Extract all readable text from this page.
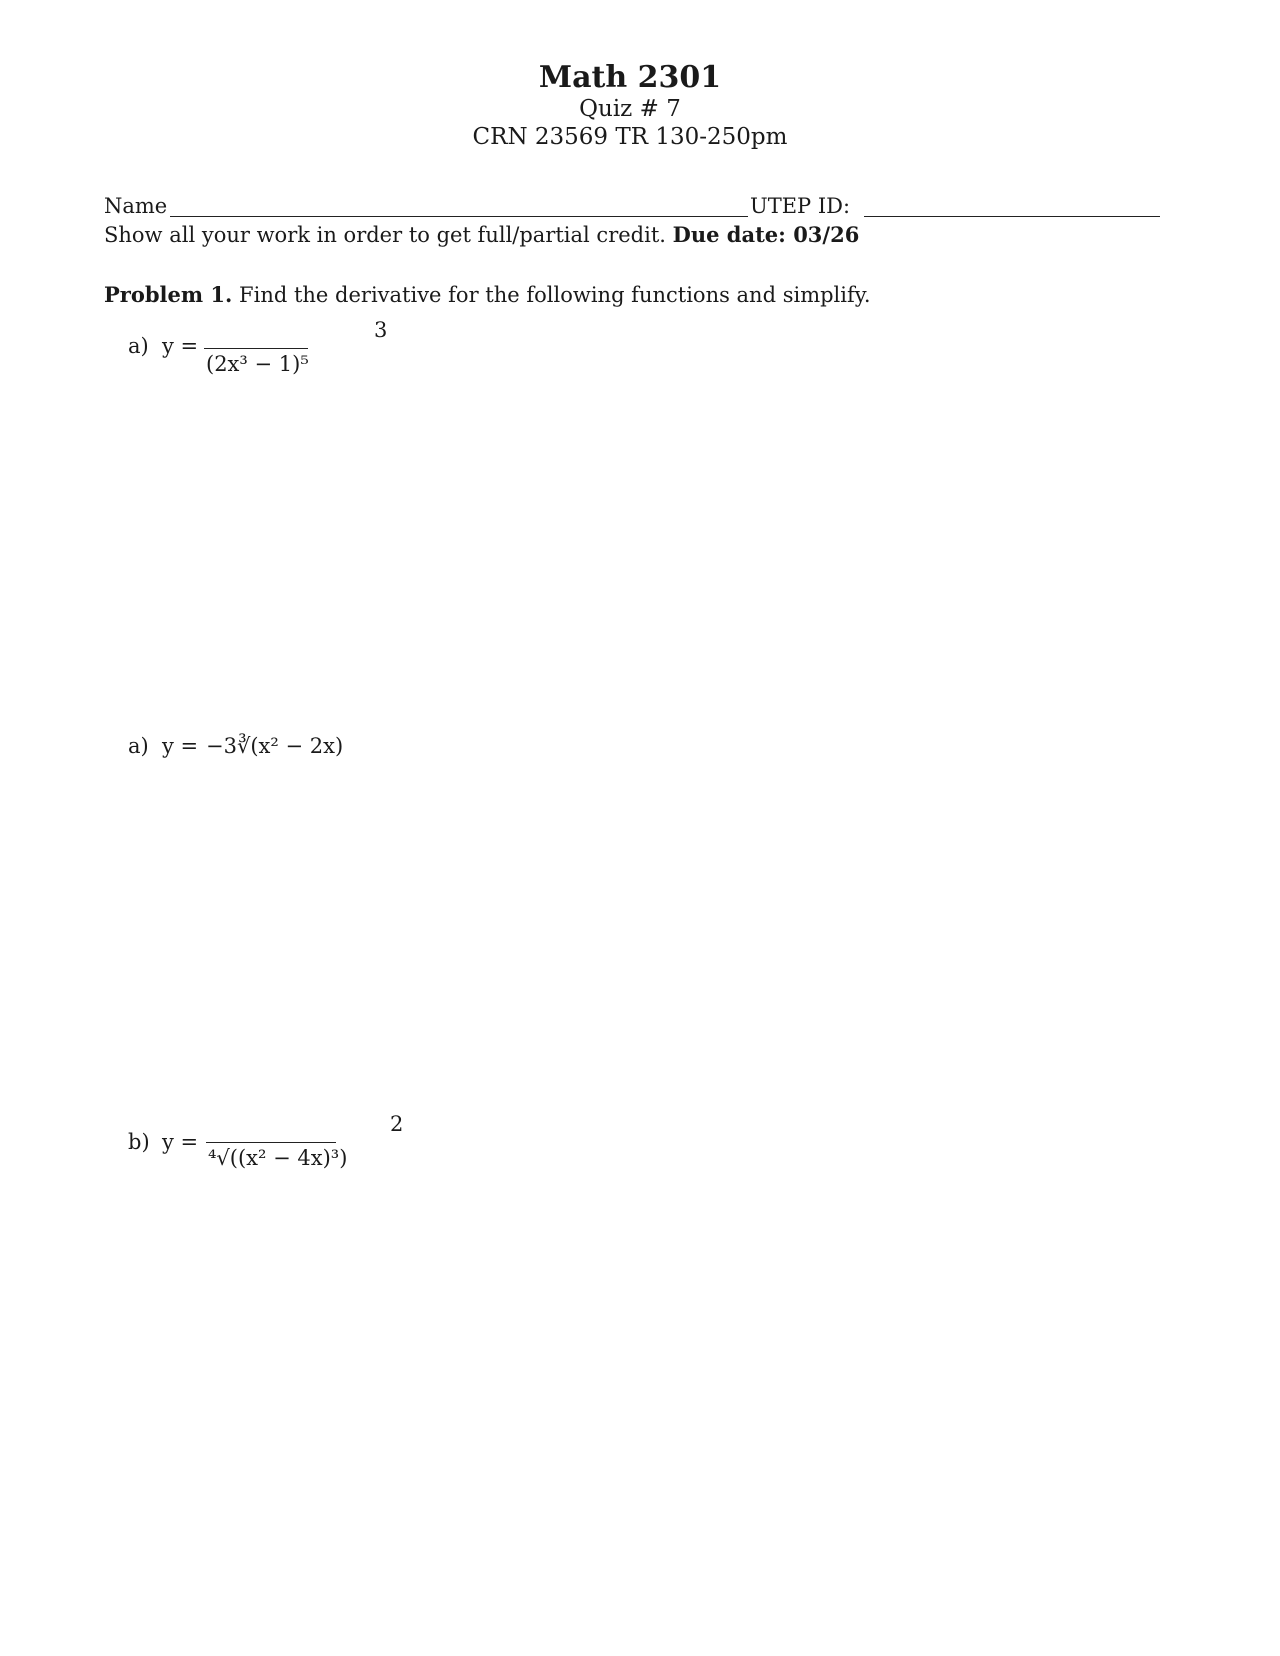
Math 2301
Quiz # 7
CRN 23569 TR 130-250pm
Name	UTEP ID:
Show all your work in order to get full/partial credit. Due date: 03/26
Problem 1. Find the derivative for the following functions and simplify.
a) y =
3
(2x³ − 1)⁵
a) y = −3∛(x² − 2x)
b) y =
2
⁴√((x² − 4x)³)
